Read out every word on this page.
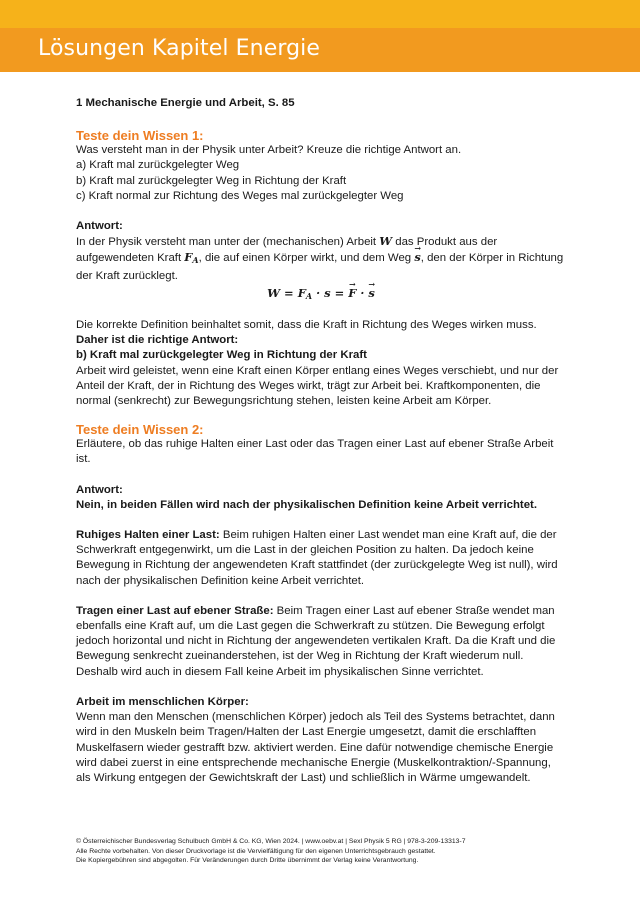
Lösungen Kapitel Energie

1 Mechanische Energie und Arbeit, S. 85

Teste dein Wissen 1:

Was versteht man in der Physik unter Arbeit? Kreuze die richtige Antwort an.

a) Kraft mal zurückgelegter Weg

b) Kraft mal zurückgelegter Weg in Richtung der Kraft

c) Kraft normal zur Richtung des Weges mal zurückgelegter Weg

Antwort:

In der Physik versteht man unter der (mechanischen) Arbeit W das Produkt aus der aufgewendeten Kraft $F_A$, die auf einen Körper wirkt, und dem Weg → s, den der Körper in Richtung der Kraft zurücklegt.

$W = F_A \cdot s$ = → F · → s

Die korrekte Definition beinhaltet somit, dass die Kraft in Richtung des Weges wirken muss.

Daher ist die richtige Antwort:

b) Kraft mal zurückgelegter Weg in Richtung der Kraft

Arbeit wird geleistet, wenn eine Kraft einen Körper entlang eines Weges verschiebt, und nur der Anteil der Kraft, der in Richtung des Weges wirkt, trägt zur Arbeit bei. Kraftkomponenten, die normal (senkrecht) zur Bewegungsrichtung stehen, leisten keine Arbeit am Körper.

Teste dein Wissen 2:

Erläutere, ob das ruhige Halten einer Last oder das Tragen einer Last auf ebener Straße Arbeit ist.

Antwort:

Nein, in beiden Fällen wird nach der physikalischen Definition keine Arbeit verrichtet.

Ruhiges Halten einer Last: Beim ruhigen Halten einer Last wendet man eine Kraft auf, die der Schwerkraft entgegenwirkt, um die Last in der gleichen Position zu halten. Da jedoch keine Bewegung in Richtung der angewendeten Kraft stattfindet (der zurückgelegte Weg ist null), wird nach der physikalischen Definition keine Arbeit verrichtet.

Tragen einer Last auf ebener Straße: Beim Tragen einer Last auf ebener Straße wendet man ebenfalls eine Kraft auf, um die Last gegen die Schwerkraft zu stützen. Die Bewegung erfolgt jedoch horizontal und nicht in Richtung der angewendeten vertikalen Kraft. Da die Kraft und die Bewegung senkrecht zueinanderstehen, ist der Weg in Richtung der Kraft wiederum null. Deshalb wird auch in diesem Fall keine Arbeit im physikalischen Sinne verrichtet.

Arbeit im menschlichen Körper:

Wenn man den Menschen (menschlichen Körper) jedoch als Teil des Systems betrachtet, dann wird in den Muskeln beim Tragen/Halten der Last Energie umgesetzt, damit die erschlafften Muskelfasern wieder gestrafft bzw. aktiviert werden. Eine dafür notwendige chemische Energie wird dabei zuerst in eine entsprechende mechanische Energie (Muskelkontraktion/-Spannung, als Wirkung entgegen der Gewichtskraft der Last) und schließlich in Wärme umgewandelt.

© Österreichischer Bundesverlag Schulbuch GmbH & Co. KG, Wien 2024. | www.oebv.at | Sexl Physik 5 RG | 978-3-209-13313-7

Alle Rechte vorbehalten. Von dieser Druckvorlage ist die Vervielfältigung für den eigenen Unterrichtsgebrauch gestattet.

Die Kopiergebühren sind abgegolten. Für Veränderungen durch Dritte übernimmt der Verlag keine Verantwortung.
